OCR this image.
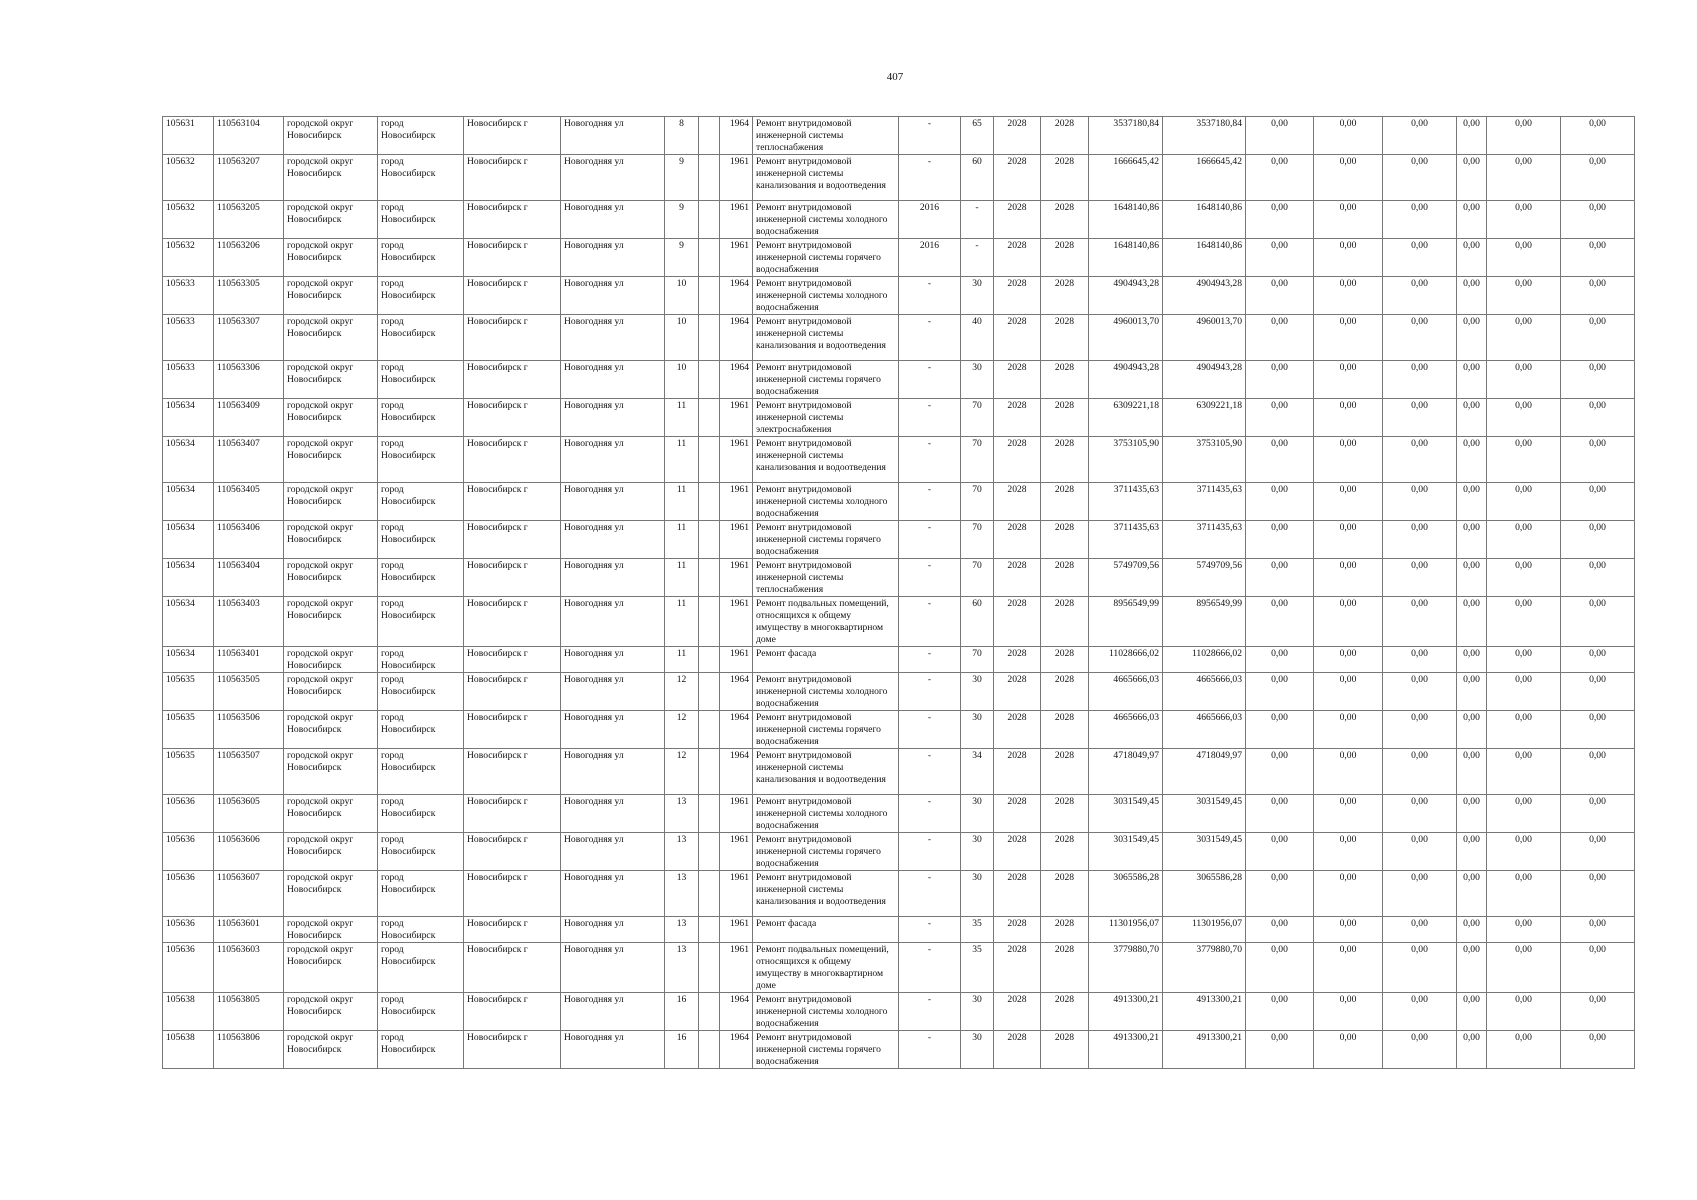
407
105631	110563104	городской округ Новосибирск	город Новосибирск	Новосибирск г	Новогодняя ул	8		1964	Ремонт внутридомовой инженерной системы теплоснабжения	-	65	2028	2028	3537180,84	3537180,84	0,00	0,00	0,00	0,00	0,00	0,00
105632	110563207	городской округ Новосибирск	город Новосибирск	Новосибирск г	Новогодняя ул	9		1961	Ремонт внутридомовой инженерной системы канализования и водоотведения	-	60	2028	2028	1666645,42	1666645,42	0,00	0,00	0,00	0,00	0,00	0,00
105632	110563205	городской округ Новосибирск	город Новосибирск	Новосибирск г	Новогодняя ул	9		1961	Ремонт внутридомовой инженерной системы холодного водоснабжения	2016	-	2028	2028	1648140,86	1648140,86	0,00	0,00	0,00	0,00	0,00	0,00
105632	110563206	городской округ Новосибирск	город Новосибирск	Новосибирск г	Новогодняя ул	9		1961	Ремонт внутридомовой инженерной системы горячего водоснабжения	2016	-	2028	2028	1648140,86	1648140,86	0,00	0,00	0,00	0,00	0,00	0,00
105633	110563305	городской округ Новосибирск	город Новосибирск	Новосибирск г	Новогодняя ул	10		1964	Ремонт внутридомовой инженерной системы холодного водоснабжения	-	30	2028	2028	4904943,28	4904943,28	0,00	0,00	0,00	0,00	0,00	0,00
105633	110563307	городской округ Новосибирск	город Новосибирск	Новосибирск г	Новогодняя ул	10		1964	Ремонт внутридомовой инженерной системы канализования и водоотведения	-	40	2028	2028	4960013,70	4960013,70	0,00	0,00	0,00	0,00	0,00	0,00
105633	110563306	городской округ Новосибирск	город Новосибирск	Новосибирск г	Новогодняя ул	10		1964	Ремонт внутридомовой инженерной системы горячего водоснабжения	-	30	2028	2028	4904943,28	4904943,28	0,00	0,00	0,00	0,00	0,00	0,00
105634	110563409	городской округ Новосибирск	город Новосибирск	Новосибирск г	Новогодняя ул	11		1961	Ремонт внутридомовой инженерной системы электроснабжения	-	70	2028	2028	6309221,18	6309221,18	0,00	0,00	0,00	0,00	0,00	0,00
105634	110563407	городской округ Новосибирск	город Новосибирск	Новосибирск г	Новогодняя ул	11		1961	Ремонт внутридомовой инженерной системы канализования и водоотведения	-	70	2028	2028	3753105,90	3753105,90	0,00	0,00	0,00	0,00	0,00	0,00
105634	110563405	городской округ Новосибирск	город Новосибирск	Новосибирск г	Новогодняя ул	11		1961	Ремонт внутридомовой инженерной системы холодного водоснабжения	-	70	2028	2028	3711435,63	3711435,63	0,00	0,00	0,00	0,00	0,00	0,00
105634	110563406	городской округ Новосибирск	город Новосибирск	Новосибирск г	Новогодняя ул	11		1961	Ремонт внутридомовой инженерной системы горячего водоснабжения	-	70	2028	2028	3711435,63	3711435,63	0,00	0,00	0,00	0,00	0,00	0,00
105634	110563404	городской округ Новосибирск	город Новосибирск	Новосибирск г	Новогодняя ул	11		1961	Ремонт внутридомовой инженерной системы теплоснабжения	-	70	2028	2028	5749709,56	5749709,56	0,00	0,00	0,00	0,00	0,00	0,00
105634	110563403	городской округ Новосибирск	город Новосибирск	Новосибирск г	Новогодняя ул	11		1961	Ремонт подвальных помещений, относящихся к общему имуществу в многоквартирном доме	-	60	2028	2028	8956549,99	8956549,99	0,00	0,00	0,00	0,00	0,00	0,00
105634	110563401	городской округ Новосибирск	город Новосибирск	Новосибирск г	Новогодняя ул	11		1961	Ремонт фасада	-	70	2028	2028	11028666,02	11028666,02	0,00	0,00	0,00	0,00	0,00	0,00
105635	110563505	городской округ Новосибирск	город Новосибирск	Новосибирск г	Новогодняя ул	12		1964	Ремонт внутридомовой инженерной системы холодного водоснабжения	-	30	2028	2028	4665666,03	4665666,03	0,00	0,00	0,00	0,00	0,00	0,00
105635	110563506	городской округ Новосибирск	город Новосибирск	Новосибирск г	Новогодняя ул	12		1964	Ремонт внутридомовой инженерной системы горячего водоснабжения	-	30	2028	2028	4665666,03	4665666,03	0,00	0,00	0,00	0,00	0,00	0,00
105635	110563507	городской округ Новосибирск	город Новосибирск	Новосибирск г	Новогодняя ул	12		1964	Ремонт внутридомовой инженерной системы канализования и водоотведения	-	34	2028	2028	4718049,97	4718049,97	0,00	0,00	0,00	0,00	0,00	0,00
105636	110563605	городской округ Новосибирск	город Новосибирск	Новосибирск г	Новогодняя ул	13		1961	Ремонт внутридомовой инженерной системы холодного водоснабжения	-	30	2028	2028	3031549,45	3031549,45	0,00	0,00	0,00	0,00	0,00	0,00
105636	110563606	городской округ Новосибирск	город Новосибирск	Новосибирск г	Новогодняя ул	13		1961	Ремонт внутридомовой инженерной системы горячего водоснабжения	-	30	2028	2028	3031549,45	3031549,45	0,00	0,00	0,00	0,00	0,00	0,00
105636	110563607	городской округ Новосибирск	город Новосибирск	Новосибирск г	Новогодняя ул	13		1961	Ремонт внутридомовой инженерной системы канализования и водоотведения	-	30	2028	2028	3065586,28	3065586,28	0,00	0,00	0,00	0,00	0,00	0,00
105636	110563601	городской округ Новосибирск	город Новосибирск	Новосибирск г	Новогодняя ул	13		1961	Ремонт фасада	-	35	2028	2028	11301956,07	11301956,07	0,00	0,00	0,00	0,00	0,00	0,00
105636	110563603	городской округ Новосибирск	город Новосибирск	Новосибирск г	Новогодняя ул	13		1961	Ремонт подвальных помещений, относящихся к общему имуществу в многоквартирном доме	-	35	2028	2028	3779880,70	3779880,70	0,00	0,00	0,00	0,00	0,00	0,00
105638	110563805	городской округ Новосибирск	город Новосибирск	Новосибирск г	Новогодняя ул	16		1964	Ремонт внутридомовой инженерной системы холодного водоснабжения	-	30	2028	2028	4913300,21	4913300,21	0,00	0,00	0,00	0,00	0,00	0,00
105638	110563806	городской округ Новосибирск	город Новосибирск	Новосибирск г	Новогодняя ул	16		1964	Ремонт внутридомовой инженерной системы горячего водоснабжения	-	30	2028	2028	4913300,21	4913300,21	0,00	0,00	0,00	0,00	0,00	0,00
